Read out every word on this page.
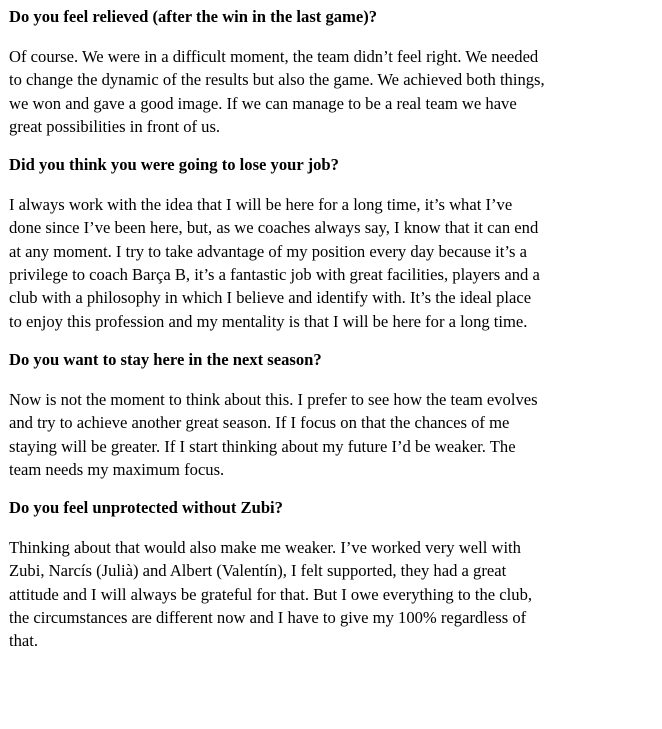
Do you feel relieved (after the win in the last game)?

Of course. We were in a difficult moment, the team didn’t feel right. We needed
to change the dynamic of the results but also the game. We achieved both things,
we won and gave a good image. If we can manage to be a real team we have
great possibilities in front of us.

Did you think you were going to lose your job?

I always work with the idea that I will be here for a long time, it’s what I’ve
done since I’ve been here, but, as we coaches always say, I know that it can end
at any moment. I try to take advantage of my position every day because it’s a
privilege to coach Barça B, it’s a fantastic job with great facilities, players and a
club with a philosophy in which I believe and identify with. It’s the ideal place
to enjoy this profession and my mentality is that I will be here for a long time.

Do you want to stay here in the next season?

Now is not the moment to think about this. I prefer to see how the team evolves
and try to achieve another great season. If I focus on that the chances of me
staying will be greater. If I start thinking about my future I’d be weaker. The
team needs my maximum focus.

Do you feel unprotected without Zubi?

Thinking about that would also make me weaker. I’ve worked very well with
Zubi, Narcís (Julià) and Albert (Valentín), I felt supported, they had a great
attitude and I will always be grateful for that. But I owe everything to the club,
the circumstances are different now and I have to give my 100% regardless of
that.
